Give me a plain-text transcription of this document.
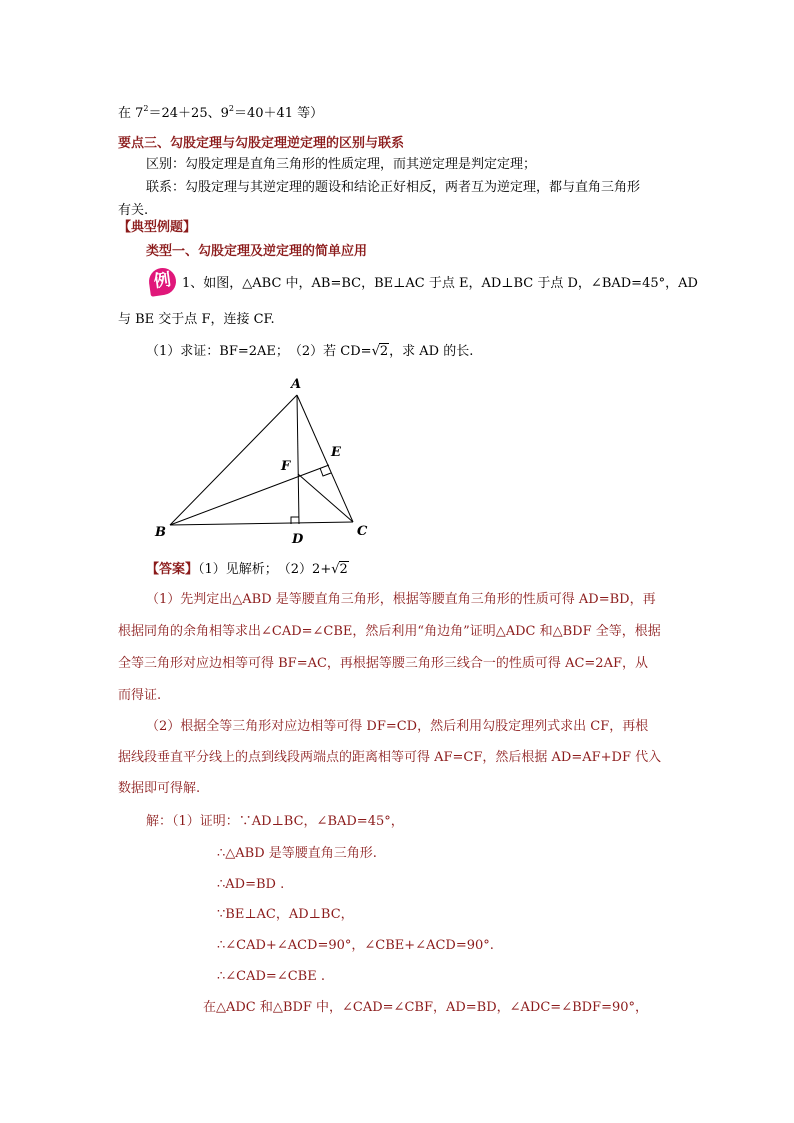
在 $7^2=24+25$、$9^2=40+41$ 等）
要点三、勾股定理与勾股定理逆定理的区别与联系
区别：勾股定理是直角三角形的性质定理，而其逆定理是判定定理；
联系：勾股定理与其逆定理的题设和结论正好相反，两者互为逆定理，都与直角三角形
有关.
【典型例题】
类型一、勾股定理及逆定理的简单应用
例 1、如图，△ABC 中，AB=BC，BE⊥AC 于点 E，AD⊥BC 于点 D，∠BAD=45°，AD
与 BE 交于点 F，连接 CF.
（1）求证：BF=2AE；　（2）若 CD=√2，求 AD 的长.
A
B	C
D
E
F
【答案】（1）见解析；　（2）2+√2
（1）先判定出△ABD 是等腰直角三角形，根据等腰直角三角形的性质可得 AD=BD，再
根据同角的余角相等求出∠CAD=∠CBE，然后利用“角边角”证明△ADC 和△BDF 全等，根据
全等三角形对应边相等可得 BF=AC，再根据等腰三角形三线合一的性质可得 AC=2AF，从
而得证.
（2）根据全等三角形对应边相等可得 DF=CD，然后利用勾股定理列式求出 CF，再根
据线段垂直平分线上的点到线段两端点的距离相等可得 AF=CF，然后根据 AD=AF+DF 代入
数据即可得解.
解：（1）证明：∵AD⊥BC，∠BAD=45°，
∴△ABD 是等腰直角三角形.
∴AD=BD .
∵BE⊥AC，AD⊥BC，
∴∠CAD+∠ACD=90°，∠CBE+∠ACD=90°.
∴∠CAD=∠CBE .
在△ADC 和△BDF 中，∠CAD=∠CBF，AD=BD，∠ADC=∠BDF=90°，
